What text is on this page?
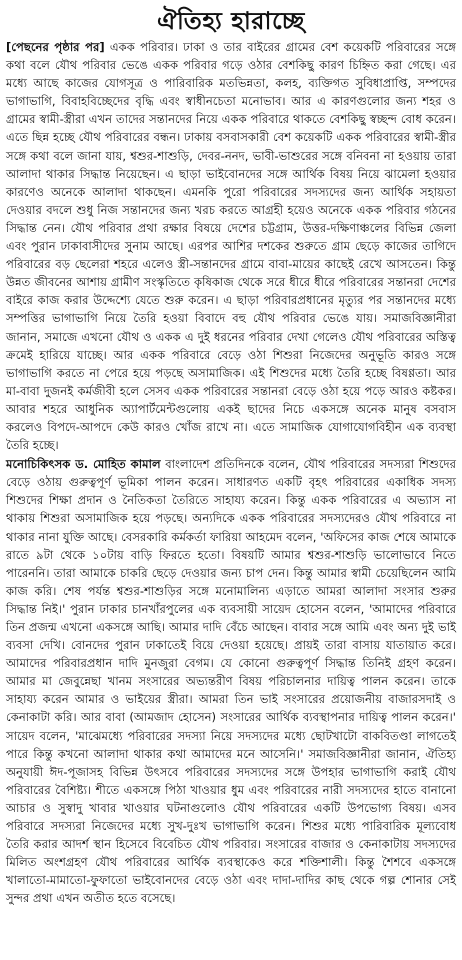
ঐতিহ্য হারাচ্ছে

[পেছনের পৃষ্ঠার পর] একক পরিবার। ঢাকা ও তার বাইরের গ্রামের বেশ কয়েকটি পরিবারের সঙ্গে কথা বলে যৌথ পরিবার ভেঙে একক পরিবার গড়ে ওঠার বেশকিছু কারণ চিহ্নিত করা গেছে। এর মধ্যে আছে কাজের যোগসূত্র ও পারিবারিক মতভিন্নতা, কলহ, ব্যক্তিগত সুবিধাপ্রাপ্তি, সম্পদের ভাগাভাগি, বিবাহবিচ্ছেদের বৃদ্ধি এবং স্বাধীনচেতা মনোভাব। আর এ কারণগুলোর জন্য শহর ও গ্রামের স্বামী-স্ত্রীরা এখন তাদের সন্তানদের নিয়ে একক পরিবারে থাকতে বেশকিছু স্বচ্ছন্দ বোধ করেন। এতে ছিন্ন হচ্ছে যৌথ পরিবারের বন্ধন। ঢাকায় বসবাসকারী বেশ কয়েকটি একক পরিবারের স্বামী-স্ত্রীর সঙ্গে কথা বলে জানা যায়, শ্বশুর-শাশুড়ি, দেবর-ননদ, ভাবী-ভাশুরের সঙ্গে বনিবনা না হওয়ায় তারা আলাদা থাকার সিদ্ধান্ত নিয়েছেন। এ ছাড়া ভাইবোনদের সঙ্গে আর্থিক বিষয় নিয়ে ঝামেলা হওয়ার কারণেও অনেকে আলাদা থাকছেন। এমনকি পুরো পরিবারের সদস্যদের জন্য আর্থিক সহায়তা দেওয়ার বদলে শুধু নিজ সন্তানদের জন্য খরচ করতে আগ্রহী হয়েও অনেকে একক পরিবার গঠনের সিদ্ধান্ত নেন। যৌথ পরিবার প্রথা রক্ষার বিষয়ে দেশের চট্টগ্রাম, উত্তর-দক্ষিণাঞ্চলের বিভিন্ন জেলা এবং পুরান ঢাকাবাসীদের সুনাম আছে। এরপর আশির দশকের শুরুতে গ্রাম ছেড়ে কাজের তাগিদে পরিবারের বড় ছেলেরা শহরে এলেও স্ত্রী-সন্তানদের গ্রামে বাবা-মায়ের কাছেই রেখে আসতেন। কিন্তু উন্নত জীবনের আশায় গ্রামীণ সংস্কৃতিতে কৃষিকাজ থেকে সরে ধীরে ধীরে পরিবারের সন্তানরা দেশের বাইরে কাজ করার উদ্দেশ্যে যেতে শুরু করেন। এ ছাড়া পরিবারপ্রধানের মৃত্যুর পর সন্তানদের মধ্যে সম্পত্তির ভাগাভাগি নিয়ে তৈরি হওয়া বিবাদে বহু যৌথ পরিবার ভেঙে যায়। সমাজবিজ্ঞানীরা জানান, সমাজে এখনো যৌথ ও একক এ দুই ধরনের পরিবার দেখা গেলেও যৌথ পরিবারের অস্তিত্ব ক্রমেই হারিয়ে যাচ্ছে। আর একক পরিবারে বেড়ে ওঠা শিশুরা নিজেদের অনুভূতি কারও সঙ্গে ভাগাভাগি করতে না পেরে হয়ে পড়ছে অসামাজিক। এই শিশুদের মধ্যে তৈরি হচ্ছে বিষণ্ণতা। আর মা-বাবা দুজনই কর্মজীবী হলে সেসব একক পরিবারের সন্তানরা বেড়ে ওঠা হয়ে পড়ে আরও কষ্টকর। আবার শহরে আধুনিক অ্যাপার্টমেন্টগুলোয় একই ছাদের নিচে একসঙ্গে অনেক মানুষ বসবাস করলেও বিপদে-আপদে কেউ কারও খোঁজ রাখে না। এতে সামাজিক যোগাযোগবিহীন এক ব্যবস্থা তৈরি হচ্ছে।

মনোচিকিৎসক ড. মোহিত কামাল বাংলাদেশ প্রতিদিনকে বলেন, যৌথ পরিবারের সদস্যরা শিশুদের বেড়ে ওঠায় গুরুত্বপূর্ণ ভূমিকা পালন করেন। সাধারণত একটি বৃহৎ পরিবারের একাধিক সদস্য শিশুদের শিক্ষা প্রদান ও নৈতিকতা তৈরিতে সাহায্য করেন। কিন্তু একক পরিবারের এ অভ্যাস না থাকায় শিশুরা অসামাজিক হয়ে পড়ছে। অন্যদিকে একক পরিবারের সদস্যদেরও যৌথ পরিবারে না থাকার নানা যুক্তি আছে। বেসরকারি কর্মকর্তা ফারিয়া আহমেদ বলেন, 'অফিসের কাজ শেষে আমাকে রাতে ৯টা থেকে ১০টায় বাড়ি ফিরতে হতো। বিষয়টি আমার শ্বশুর-শাশুড়ি ভালোভাবে নিতে পারেননি। তারা আমাকে চাকরি ছেড়ে দেওয়ার জন্য চাপ দেন। কিন্তু আমার স্বামী চেয়েছিলেন আমি কাজ করি। শেষ পর্যন্ত শ্বশুর-শাশুড়ির সঙ্গে মনোমালিন্য এড়াতে আমরা আলাদা সংসার শুরুর সিদ্ধান্ত নিই।' পুরান ঢাকার চানখাঁরপুলের এক ব্যবসায়ী সায়েদ হোসেন বলেন, 'আমাদের পরিবারে তিন প্রজন্ম এখনো একসঙ্গে আছি। আমার দাদি বেঁচে আছেন। বাবার সঙ্গে আমি এবং অন্য দুই ভাই ব্যবসা দেখি। বোনদের পুরান ঢাকাতেই বিয়ে দেওয়া হয়েছে। প্রায়ই তারা বাসায় যাতায়াত করে। আমাদের পরিবারপ্রধান দাদি মুনজুরা বেগম। যে কোনো গুরুত্বপূর্ণ সিদ্ধান্ত তিনিই গ্রহণ করেন। আমার মা জেবুন্নেছা খানম সংসারের অভ্যন্তরীণ বিষয় পরিচালনার দায়িত্ব পালন করেন। তাকে সাহায্য করেন আমার ও ভাইয়ের স্ত্রীরা। আমরা তিন ভাই সংসারের প্রয়োজনীয় বাজারসদাই ও কেনাকাটা করি। আর বাবা (আমজাদ হোসেন) সংসারের আর্থিক ব্যবস্থাপনার দায়িত্ব পালন করেন।' সায়েদ বলেন, 'মাঝেমধ্যে পরিবারের সদস্যা নিয়ে সদস্যদের মধ্যে ছোটখাটো বাকবিতণ্ডা লাগতেই পারে কিন্তু কখনো আলাদা থাকার কথা আমাদের মনে আসেনি।' সমাজবিজ্ঞানীরা জানান, ঐতিহ্য অনুযায়ী ঈদ-পূজাসহ বিভিন্ন উৎসবে পরিবারের সদস্যদের সঙ্গে উপহার ভাগাভাগি করাই যৌথ পরিবারের বৈশিষ্ট্য। শীতে একসঙ্গে পিঠা খাওয়ার ধুম এবং পরিবারের নারী সদস্যদের হাতে বানানো আচার ও সুস্বাদু খাবার খাওয়ার ঘটনাগুলোও যৌথ পরিবারের একটি উপভোগ্য বিষয়। এসব পরিবারে সদস্যরা নিজেদের মধ্যে সুখ-দুঃখ ভাগাভাগি করেন। শিশুর মধ্যে পারিবারিক মূল্যবোধ তৈরি করার আদর্শ স্থান হিসেবে বিবেচিত যৌথ পরিবার। সংসারের বাজার ও কেনাকাটায় সদস্যদের মিলিত অংশগ্রহণ যৌথ পরিবারের আর্থিক ব্যবস্থাকেও করে শক্তিশালী। কিন্তু শৈশবে একসঙ্গে খালাতো-মামাতো-ফুফাতো ভাইবোনদের বেড়ে ওঠা এবং দাদা-দাদির কাছ থেকে গল্প শোনার সেই সুন্দর প্রথা এখন অতীত হতে বসেছে।
